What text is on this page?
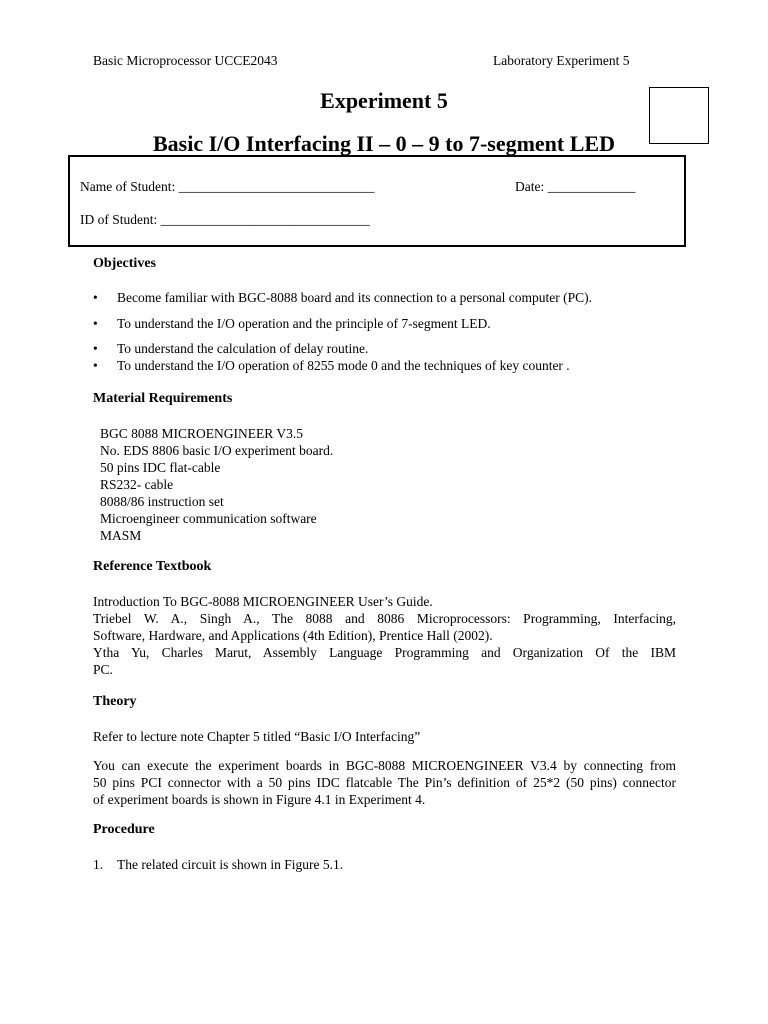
Basic Microprocessor UCCE2043	Laboratory Experiment 5
Experiment 5
Basic I/O Interfacing II – 0 – 9 to 7-segment LED
Name of Student: _____________________________	Date: _____________
ID of Student: _______________________________
Objectives
• Become familiar with BGC-8088 board and its connection to a personal computer (PC).
• To understand the I/O operation and the principle of 7-segment LED.
• To understand the calculation of delay routine.
• To understand the I/O operation of 8255 mode 0 and the techniques of key counter .
Material Requirements
BGC 8088 MICROENGINEER V3.5
No. EDS 8806 basic I/O experiment board.
50 pins IDC flat-cable
RS232- cable
8088/86 instruction set
Microengineer communication software
MASM
Reference Textbook
Introduction To BGC-8088 MICROENGINEER User’s Guide.
Triebel W. A., Singh A., The 8088 and 8086 Microprocessors: Programming, Interfacing,
Software, Hardware, and Applications (4th Edition), Prentice Hall (2002).
Ytha Yu, Charles Marut, Assembly Language Programming and Organization Of the IBM
PC.
Theory
Refer to lecture note Chapter 5 titled “Basic I/O Interfacing”
You can execute the experiment boards in BGC-8088 MICROENGINEER V3.4 by connecting from
50 pins PCI connector with a 50 pins IDC flatcable The Pin’s definition of 25*2 (50 pins) connector
of experiment boards is shown in Figure 4.1 in Experiment 4.
Procedure
1. The related circuit is shown in Figure 5.1.
